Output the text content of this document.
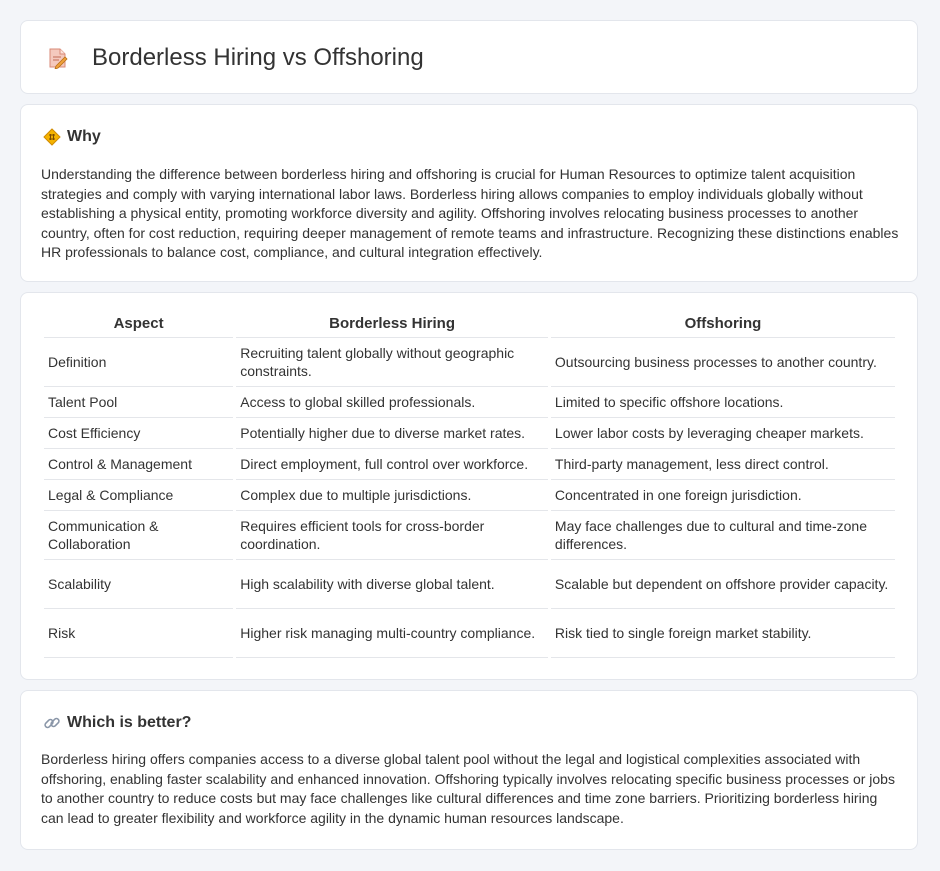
Borderless Hiring vs Offshoring
Why

Understanding the difference between borderless hiring and offshoring is crucial for Human Resources to optimize talent acquisition strategies and comply with varying international labor laws. Borderless hiring allows companies to employ individuals globally without establishing a physical entity, promoting workforce diversity and agility. Offshoring involves relocating business processes to another country, often for cost reduction, requiring deeper management of remote teams and infrastructure. Recognizing these distinctions enables HR professionals to balance cost, compliance, and cultural integration effectively.

Aspect	Borderless Hiring	Offshoring
Definition	Recruiting talent globally without geographic constraints.	Outsourcing business processes to another country.
Talent Pool	Access to global skilled professionals.	Limited to specific offshore locations.
Cost Efficiency	Potentially higher due to diverse market rates.	Lower labor costs by leveraging cheaper markets.
Control & Management	Direct employment, full control over workforce.	Third-party management, less direct control.
Legal & Compliance	Complex due to multiple jurisdictions.	Concentrated in one foreign jurisdiction.
Communication & Collaboration	Requires efficient tools for cross-border coordination.	May face challenges due to cultural and time-zone differences.
Scalability	High scalability with diverse global talent.	Scalable but dependent on offshore provider capacity.
Risk	Higher risk managing multi-country compliance.	Risk tied to single foreign market stability.
Which is better?

Borderless hiring offers companies access to a diverse global talent pool without the legal and logistical complexities associated with offshoring, enabling faster scalability and enhanced innovation. Offshoring typically involves relocating specific business processes or jobs to another country to reduce costs but may face challenges like cultural differences and time zone barriers. Prioritizing borderless hiring can lead to greater flexibility and workforce agility in the dynamic human resources landscape.
